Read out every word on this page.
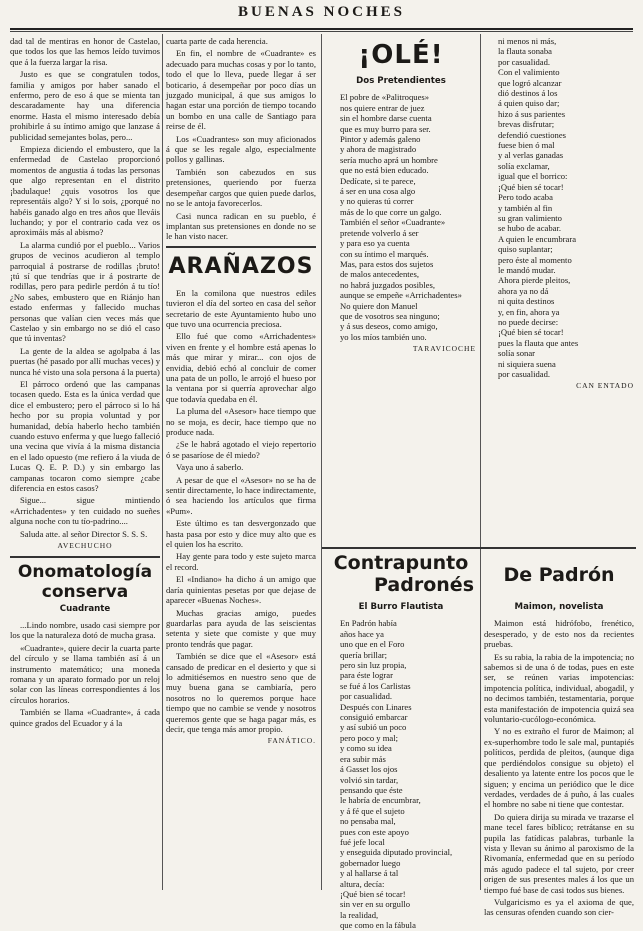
BUENAS NOCHES

dad tal de mentiras en honor de Castelao, que todos los que las hemos leído tuvimos que á la fuerza largar la risa.

Justo es que se congratulen todos, familia y amigos por haber sanado el enfermo, pero de eso á que se mienta tan descaradamente hay una diferencia enorme. Hasta el mismo interesado debía prohibirle á su íntimo amigo que lanzase á publicidad semejantes bolas, pero...

Empieza diciendo el embustero, que la enfermedad de Castelao proporcionó momentos de angustia á todas las personas que algo representan en el distrito ¡badulaque! ¿quis vosotros los que representáis algo? Y si lo sois, ¿porqué no habéis ganado algo en tres años que lleváis luchando; y por el contrario cada vez os aproximáis más al abismo?

La alarma cundió por el pueblo... Varios grupos de vecinos acudieron al templo parroquial á postrarse de rodillas ¡bruto! ¡tú sí que tendrías que ir á postrarte de rodillas, pero para pedirle perdón á tu tío! ¿No sabes, embustero que en Riánjo han estado enfermas y fallecido muchas personas que valían cien veces más que Castelao y sin embargo no se dió el caso que tú inventas?

La gente de la aldea se agolpaba á las puertas (hé pasado por allí muchas veces) y nunca hé visto una sola persona á la puerta)

El párroco ordenó que las campanas tocasen quedo. Esta es la única verdad que dice el embustero; pero el párroco si lo há hecho por su propia voluntad y por humanidad, debía haberlo hecho también cuando estuvo enferma y que luego falleció una vecina que vivía á la misma distancia en el lado opuesto (me refiero á la viuda de Lucas Q. E. P. D.) y sin embargo las campanas tocaron como siempre ¿cabe diferencia en estos casos?

Sigue... sigue mintiendo «Arrichadentes» y ten cuidado no sueñes alguna noche con tu tío-padrino....

Saluda atte. al señor Director S. S. S.

AVECHUCHO
Onomatología conserva
Cuadrante

...Lindo nombre, usado casi siempre por los que la naturaleza dotó de mucha grasa.

«Cuadrante», quiere decir la cuarta parte del círculo y se llama también así á un instrumento matemático; una moneda romana y un aparato formado por un reloj solar con las líneas correspondientes á los círculos horarios.

También se llama «Cuadrante», á cada quince grados del Ecuador y á la

cuarta parte de cada herencia.

En fin, el nombre de «Cuadrante» es adecuado para muchas cosas y por lo tanto, todo el que lo lleva, puede llegar á ser boticario, á desempeñar por poco días un juzgado municipal, á que sus amigos lo hagan estar una porción de tiempo tocando un bombo en una calle de Santiago para reirse de él.

Los «Cuadrantes» son muy aficionados á que se les regale algo, especialmente pollos y gallinas.

También son cabezudos en sus pretensiones, queriendo por fuerza desempeñar cargos que quien puede darlos, no se le antoja favorecerlos.

Casi nunca radican en su pueblo, é implantan sus pretensiones en donde no se le han visto nacer.

ARAÑAZOS

En la comilona que nuestros ediles tuvieron el día del sorteo en casa del señor secretario de este Ayuntamiento hubo uno que tuvo una ocurrencia preciosa.

Ello fué que como «Arrichadentes» viven en frente y el hombre está apenas lo más que mirar y mirar... con ojos de envidia, debió echó al concluir de comer una pata de un pollo, le arrojó el hueso por la ventana por si querría aprovechar algo que todavía quedaba en él.

La pluma del «Asesor» hace tiempo que no se moja, es decir, hace tiempo que no produce nada.

¿Se le habrá agotado el viejo repertorio ó se pasaríose de él miedo?

Vaya uno á saberlo.

A pesar de que el «Asesor» no se ha de sentir directamente, lo hace indirectamente, ó sea haciendo los artículos que firma «Pum».

Este último es tan desvergonzado que hasta pasa por esto y dice muy alto que es el quien los ha escrito.

Hay gente para todo y este sujeto marca el record.

El «Indiano» ha dicho á un amigo que daría quinientas pesetas por que dejase de aparecer «Buenas Noches».

Muchas gracias amigo, puedes guardarlas para ayuda de las seiscientas setenta y siete que comiste y que muy pronto tendrás que pagar.

También se dice que el «Asesor» está cansado de predicar en el desierto y que si lo admitiésemos en nuestro seno que de muy buena gana se cambiaría, pero nosotros no lo queremos porque hace tiempo que no cambie se vende y nosotros queremos gente que se haga pagar más, es decir, que tenga más amor propio.

FANÁTICO.
¡OLÉ!
Dos Pretendientes
El pobre de «Palitroques»
nos quiere entrar de juez
sin el hombre darse cuenta
que es muy burro para ser.
Pintor y además galeno
y ahora de magistrado
sería mucho aprá un hombre
que no está bien educado.
Dedícate, si te parece,
á ser en una cosa algo
y no quieras tú correr
más de lo que corre un galgo.
También el señor «Cuadrante»
pretende volverlo á ser
y para eso ya cuenta
con su íntimo el marqués.
Mas, para estos dos sujetos
de malos antecedentes,
no habrá juzgados posibles,
aunque se empeñe «Arrichadentes»
No quiere don Manuel
que de vosotros sea ninguno;
y á sus deseos, como amigo,
yo los míos también uno.
TARAVICOCHE
ni menos ni más,
la flauta sonaba
por casualidad.
Con el valimiento
que logró alcanzar
dió destinos á los
á quien quiso dar;
hizo á sus parientes
brevas disfrutar;
defendió cuestiones
fuese bien ó mal
y al verlas ganadas
solía exclamar,
igual que el borrico:
¡Qué bien sé tocar!
Pero todo acaba
y también al fin
su gran valimiento
se hubo de acabar.
A quien le encumbrara
quiso suplantar;
pero éste al momento
le mandó mudar.
Ahora pierde pleitos,
ahora ya no dá
ni quita destinos
y, en fin, ahora ya
no puede decirse:
¡Qué bien sé tocar!
pues la flauta que antes
solía sonar
ni siquiera suena
por casualidad.
CAN ENTADO
Contrapunto
Padronés	De Padrón
El Burro Flautista
En Padrón había
años hace ya
uno que en el Foro
quería brillar;
pero sin luz propia,
para éste lograr
se fué á los Carlistas
por casualidad.
Después con Linares
consiguió embarcar
y así subió un poco
pero poco y mal;
y como su idea
era subir más
á Gasset los ojos
volvió sin tardar,
pensando que éste
le habría de encumbrar,
y á fé que el sujeto
no pensaba mal,
pues con este apoyo
fué jefe local
y enseguida diputado provincial,
gobernador luego
y al hallarse á tal
altura, decía:
¡Qué bien sé tocar!
sin ver en su orgullo
la realidad,
que como en la fábula
Maimon, novelista

Maimon está hidrófobo, frenético, desesperado, y de esto nos da recientes pruebas.

Es su rabia, la rabia de la impotencia; no sabemos si de una ó de todas, pues en este ser, se reúnen varias impotencias: impotencia política, individual, abogadil, y no decimos también, testamentaria, porque esta manifestación de impotencia quizá sea voluntario-cucólogo-económica.

Y no es extraño el furor de Maimon; al ex-superhombre todo le sale mal, puntapiés políticos, perdida de pleitos, (aunque diga que perdiéndolos consigue su objeto) el desaliento ya latente entre los pocos que le siguen; y encima un periódico que le dice verdades, verdades de á puño, á las cuales el hombre no sabe ni tiene que contestar.

Do quiera dirija su mirada ve trazarse el mane tecel fares bíblico; retrátanse en su pupila las fatídicas palabras, turbanle la vista y llevan su ánimo al paroxismo de la Rivomanía, enfermedad que en su período más agudo padece el tal sujeto, por creer origen de sus presentes males á los que un tiempo fué base de casi todos sus bienes.

Vulgaricismo es ya el axioma de que, las censuras ofenden cuando son cier-
